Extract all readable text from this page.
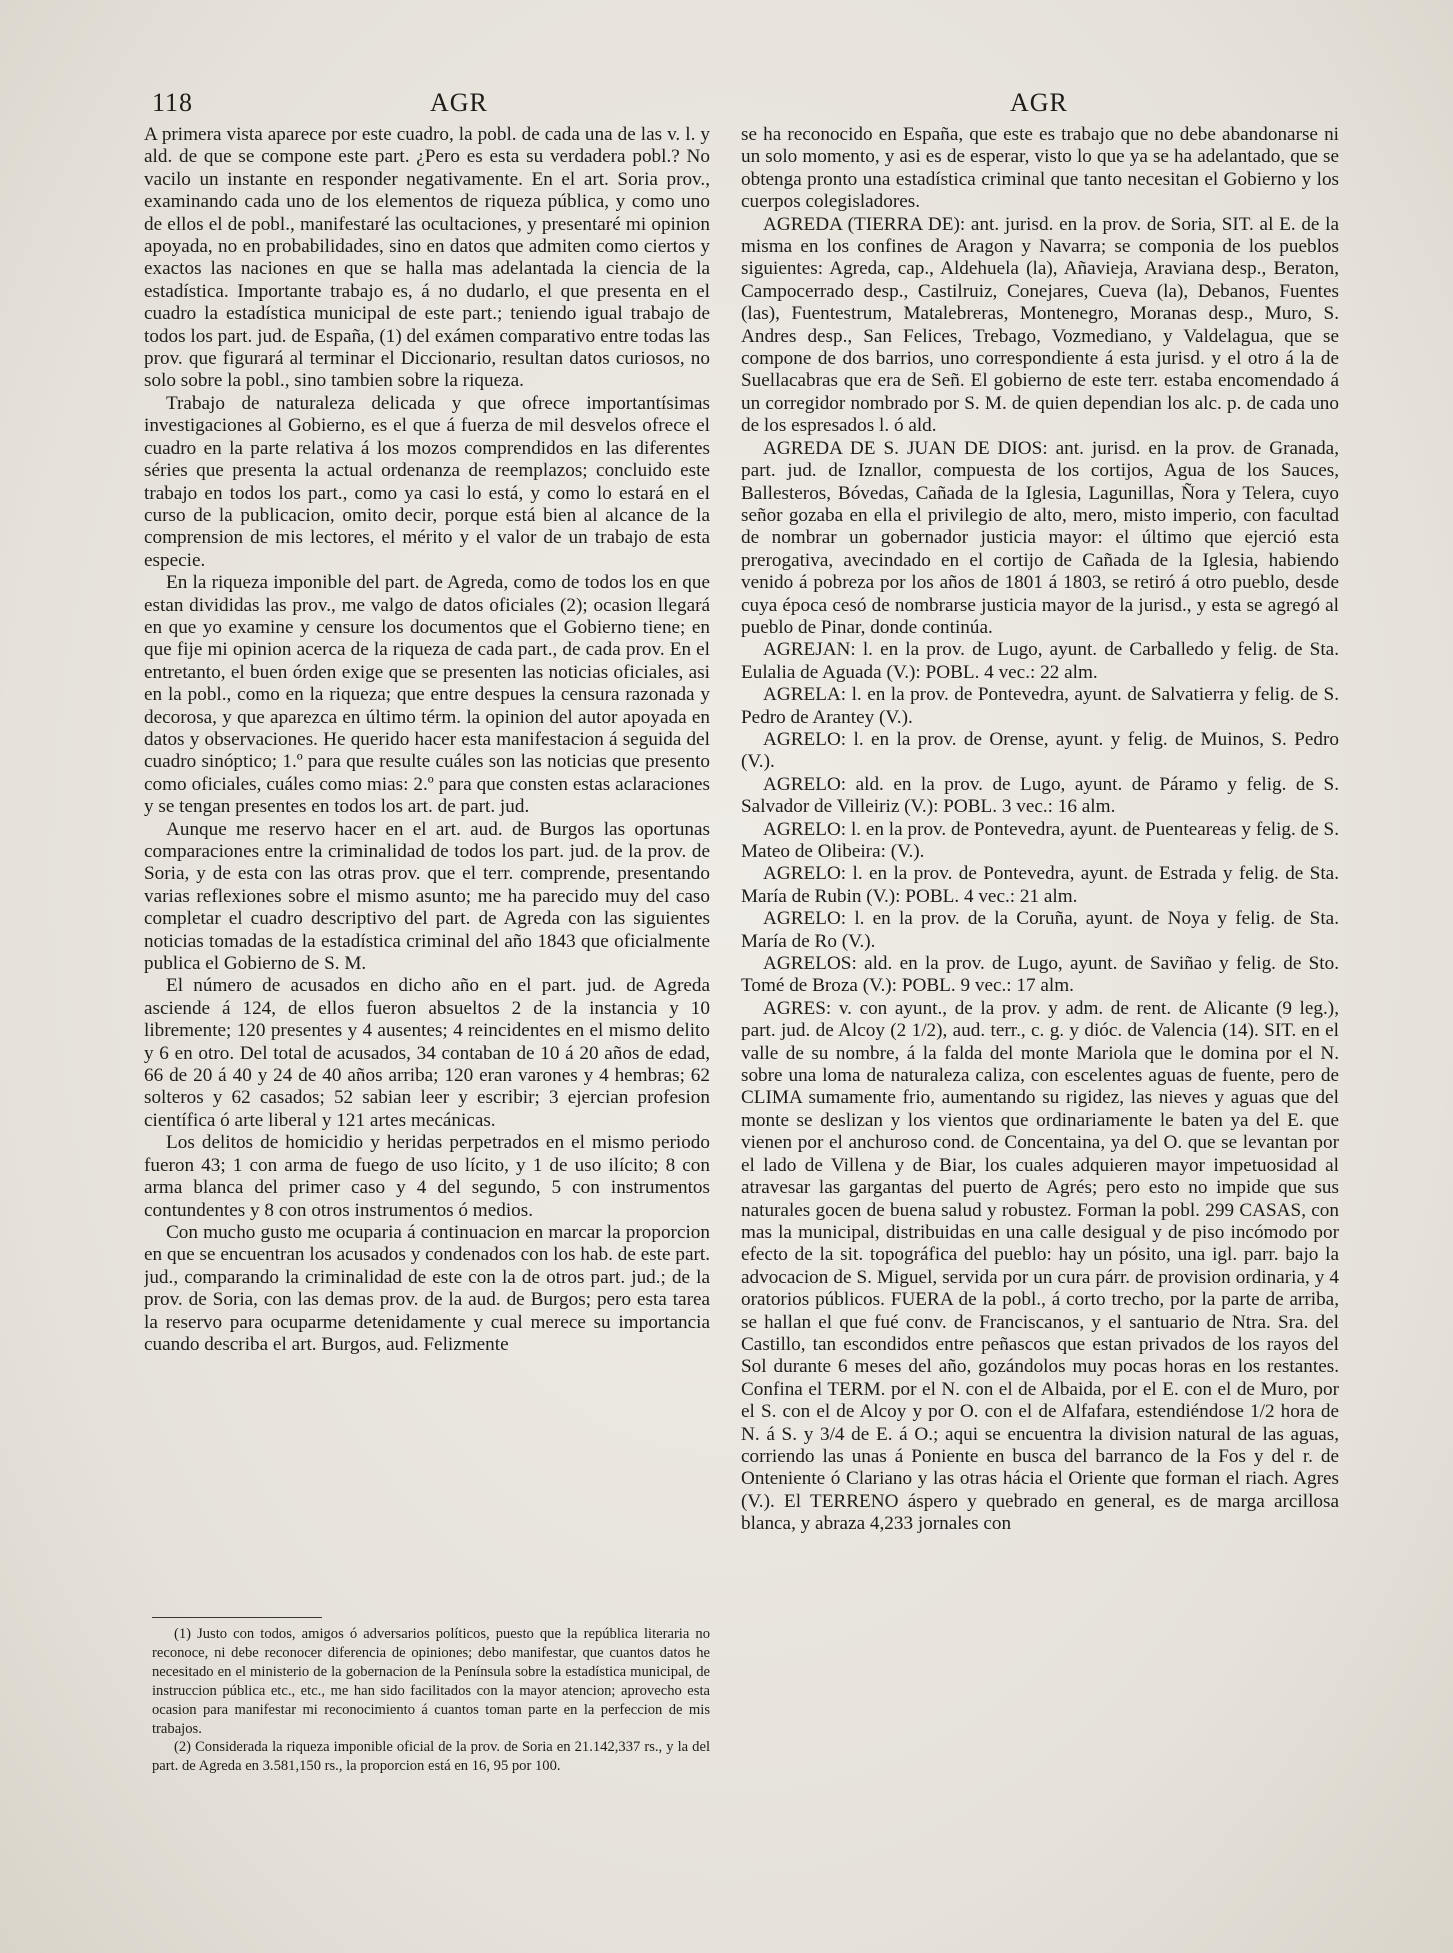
118	AGR	AGR

A primera vista aparece por este cuadro, la pobl. de cada una de las v. l. y ald. de que se compone este part. ¿Pero es esta su verdadera pobl.? No vacilo un instante en responder negativamente. En el art. Soria prov., examinando cada uno de los elementos de riqueza pública, y como uno de ellos el de pobl., manifestaré las ocultaciones, y presentaré mi opinion apoyada, no en probabilidades, sino en datos que admiten como ciertos y exactos las naciones en que se halla mas adelantada la ciencia de la estadística. Importante trabajo es, á no dudarlo, el que presenta en el cuadro la estadística municipal de este part.; teniendo igual trabajo de todos los part. jud. de España, (1) del exámen comparativo entre todas las prov. que figurará al terminar el Diccionario, resultan datos curiosos, no solo sobre la pobl., sino tambien sobre la riqueza.

Trabajo de naturaleza delicada y que ofrece importantísimas investigaciones al Gobierno, es el que á fuerza de mil desvelos ofrece el cuadro en la parte relativa á los mozos comprendidos en las diferentes séries que presenta la actual ordenanza de reemplazos; concluido este trabajo en todos los part., como ya casi lo está, y como lo estará en el curso de la publicacion, omito decir, porque está bien al alcance de la comprension de mis lectores, el mérito y el valor de un trabajo de esta especie.

En la riqueza imponible del part. de Agreda, como de todos los en que estan divididas las prov., me valgo de datos oficiales (2); ocasion llegará en que yo examine y censure los documentos que el Gobierno tiene; en que fije mi opinion acerca de la riqueza de cada part., de cada prov. En el entretanto, el buen órden exige que se presenten las noticias oficiales, asi en la pobl., como en la riqueza; que entre despues la censura razonada y decorosa, y que aparezca en último térm. la opinion del autor apoyada en datos y observaciones. He querido hacer esta manifestacion á seguida del cuadro sinóptico; 1.º para que resulte cuáles son las noticias que presento como oficiales, cuáles como mias: 2.º para que consten estas aclaraciones y se tengan presentes en todos los art. de part. jud.

Aunque me reservo hacer en el art. aud. de Burgos las oportunas comparaciones entre la criminalidad de todos los part. jud. de la prov. de Soria, y de esta con las otras prov. que el terr. comprende, presentando varias reflexiones sobre el mismo asunto; me ha parecido muy del caso completar el cuadro descriptivo del part. de Agreda con las siguientes noticias tomadas de la estadística criminal del año 1843 que oficialmente publica el Gobierno de S. M.

El número de acusados en dicho año en el part. jud. de Agreda asciende á 124, de ellos fueron absueltos 2 de la instancia y 10 libremente; 120 presentes y 4 ausentes; 4 reincidentes en el mismo delito y 6 en otro. Del total de acusados, 34 contaban de 10 á 20 años de edad, 66 de 20 á 40 y 24 de 40 años arriba; 120 eran varones y 4 hembras; 62 solteros y 62 casados; 52 sabian leer y escribir; 3 ejercian profesion científica ó arte liberal y 121 artes mecánicas.

Los delitos de homicidio y heridas perpetrados en el mismo periodo fueron 43; 1 con arma de fuego de uso lícito, y 1 de uso ilícito; 8 con arma blanca del primer caso y 4 del segundo, 5 con instrumentos contundentes y 8 con otros instrumentos ó medios.

Con mucho gusto me ocuparia á continuacion en marcar la proporcion en que se encuentran los acusados y condenados con los hab. de este part. jud., comparando la criminalidad de este con la de otros part. jud.; de la prov. de Soria, con las demas prov. de la aud. de Burgos; pero esta tarea la reservo para ocuparme detenidamente y cual merece su importancia cuando describa el art. Burgos, aud. Felizmente

(1) Justo con todos, amigos ó adversarios políticos, puesto que la república literaria no reconoce, ni debe reconocer diferencia de opiniones; debo manifestar, que cuantos datos he necesitado en el ministerio de la gobernacion de la Península sobre la estadística municipal, de instruccion pública etc., etc., me han sido facilitados con la mayor atencion; aprovecho esta ocasion para manifestar mi reconocimiento á cuantos toman parte en la perfeccion de mis trabajos.

(2) Considerada la riqueza imponible oficial de la prov. de Soria en 21.142,337 rs., y la del part. de Agreda en 3.581,150 rs., la proporcion está en 16, 95 por 100.

se ha reconocido en España, que este es trabajo que no debe abandonarse ni un solo momento, y asi es de esperar, visto lo que ya se ha adelantado, que se obtenga pronto una estadística criminal que tanto necesitan el Gobierno y los cuerpos colegisladores.

AGREDA (TIERRA DE): ant. jurisd. en la prov. de Soria, SIT. al E. de la misma en los confines de Aragon y Navarra; se componia de los pueblos siguientes: Agreda, cap., Aldehuela (la), Añavieja, Araviana desp., Beraton, Campocerrado desp., Castilruiz, Conejares, Cueva (la), Debanos, Fuentes (las), Fuentestrum, Matalebreras, Montenegro, Moranas desp., Muro, S. Andres desp., San Felices, Trebago, Vozmediano, y Valdelagua, que se compone de dos barrios, uno correspondiente á esta jurisd. y el otro á la de Suellacabras que era de Señ. El gobierno de este terr. estaba encomendado á un corregidor nombrado por S. M. de quien dependian los alc. p. de cada uno de los espresados l. ó ald.

AGREDA DE S. JUAN DE DIOS: ant. jurisd. en la prov. de Granada, part. jud. de Iznallor, compuesta de los cortijos, Agua de los Sauces, Ballesteros, Bóvedas, Cañada de la Iglesia, Lagunillas, Ñora y Telera, cuyo señor gozaba en ella el privilegio de alto, mero, misto imperio, con facultad de nombrar un gobernador justicia mayor: el último que ejerció esta prerogativa, avecindado en el cortijo de Cañada de la Iglesia, habiendo venido á pobreza por los años de 1801 á 1803, se retiró á otro pueblo, desde cuya época cesó de nombrarse justicia mayor de la jurisd., y esta se agregó al pueblo de Pinar, donde continúa.

AGREJAN: l. en la prov. de Lugo, ayunt. de Carballedo y felig. de Sta. Eulalia de Aguada (V.): POBL. 4 vec.: 22 alm.

AGRELA: l. en la prov. de Pontevedra, ayunt. de Salvatierra y felig. de S. Pedro de Arantey (V.).

AGRELO: l. en la prov. de Orense, ayunt. y felig. de Muinos, S. Pedro (V.).

AGRELO: ald. en la prov. de Lugo, ayunt. de Páramo y felig. de S. Salvador de Villeiriz (V.): POBL. 3 vec.: 16 alm.

AGRELO: l. en la prov. de Pontevedra, ayunt. de Puenteareas y felig. de S. Mateo de Olibeira: (V.).

AGRELO: l. en la prov. de Pontevedra, ayunt. de Estrada y felig. de Sta. María de Rubin (V.): POBL. 4 vec.: 21 alm.

AGRELO: l. en la prov. de la Coruña, ayunt. de Noya y felig. de Sta. María de Ro (V.).

AGRELOS: ald. en la prov. de Lugo, ayunt. de Saviñao y felig. de Sto. Tomé de Broza (V.): POBL. 9 vec.: 17 alm.

AGRES: v. con ayunt., de la prov. y adm. de rent. de Alicante (9 leg.), part. jud. de Alcoy (2 1/2), aud. terr., c. g. y dióc. de Valencia (14). SIT. en el valle de su nombre, á la falda del monte Mariola que le domina por el N. sobre una loma de naturaleza caliza, con escelentes aguas de fuente, pero de CLIMA sumamente frio, aumentando su rigidez, las nieves y aguas que del monte se deslizan y los vientos que ordinariamente le baten ya del E. que vienen por el anchuroso cond. de Concentaina, ya del O. que se levantan por el lado de Villena y de Biar, los cuales adquieren mayor impetuosidad al atravesar las gargantas del puerto de Agrés; pero esto no impide que sus naturales gocen de buena salud y robustez. Forman la pobl. 299 CASAS, con mas la municipal, distribuidas en una calle desigual y de piso incómodo por efecto de la sit. topográfica del pueblo: hay un pósito, una igl. parr. bajo la advocacion de S. Miguel, servida por un cura párr. de provision ordinaria, y 4 oratorios públicos. FUERA de la pobl., á corto trecho, por la parte de arriba, se hallan el que fué conv. de Franciscanos, y el santuario de Ntra. Sra. del Castillo, tan escondidos entre peñascos que estan privados de los rayos del Sol durante 6 meses del año, gozándolos muy pocas horas en los restantes. Confina el TERM. por el N. con el de Albaida, por el E. con el de Muro, por el S. con el de Alcoy y por O. con el de Alfafara, estendiéndose 1/2 hora de N. á S. y 3/4 de E. á O.; aqui se encuentra la division natural de las aguas, corriendo las unas á Poniente en busca del barranco de la Fos y del r. de Onteniente ó Clariano y las otras hácia el Oriente que forman el riach. Agres (V.). El TERRENO áspero y quebrado en general, es de marga arcillosa blanca, y abraza 4,233 jornales con
